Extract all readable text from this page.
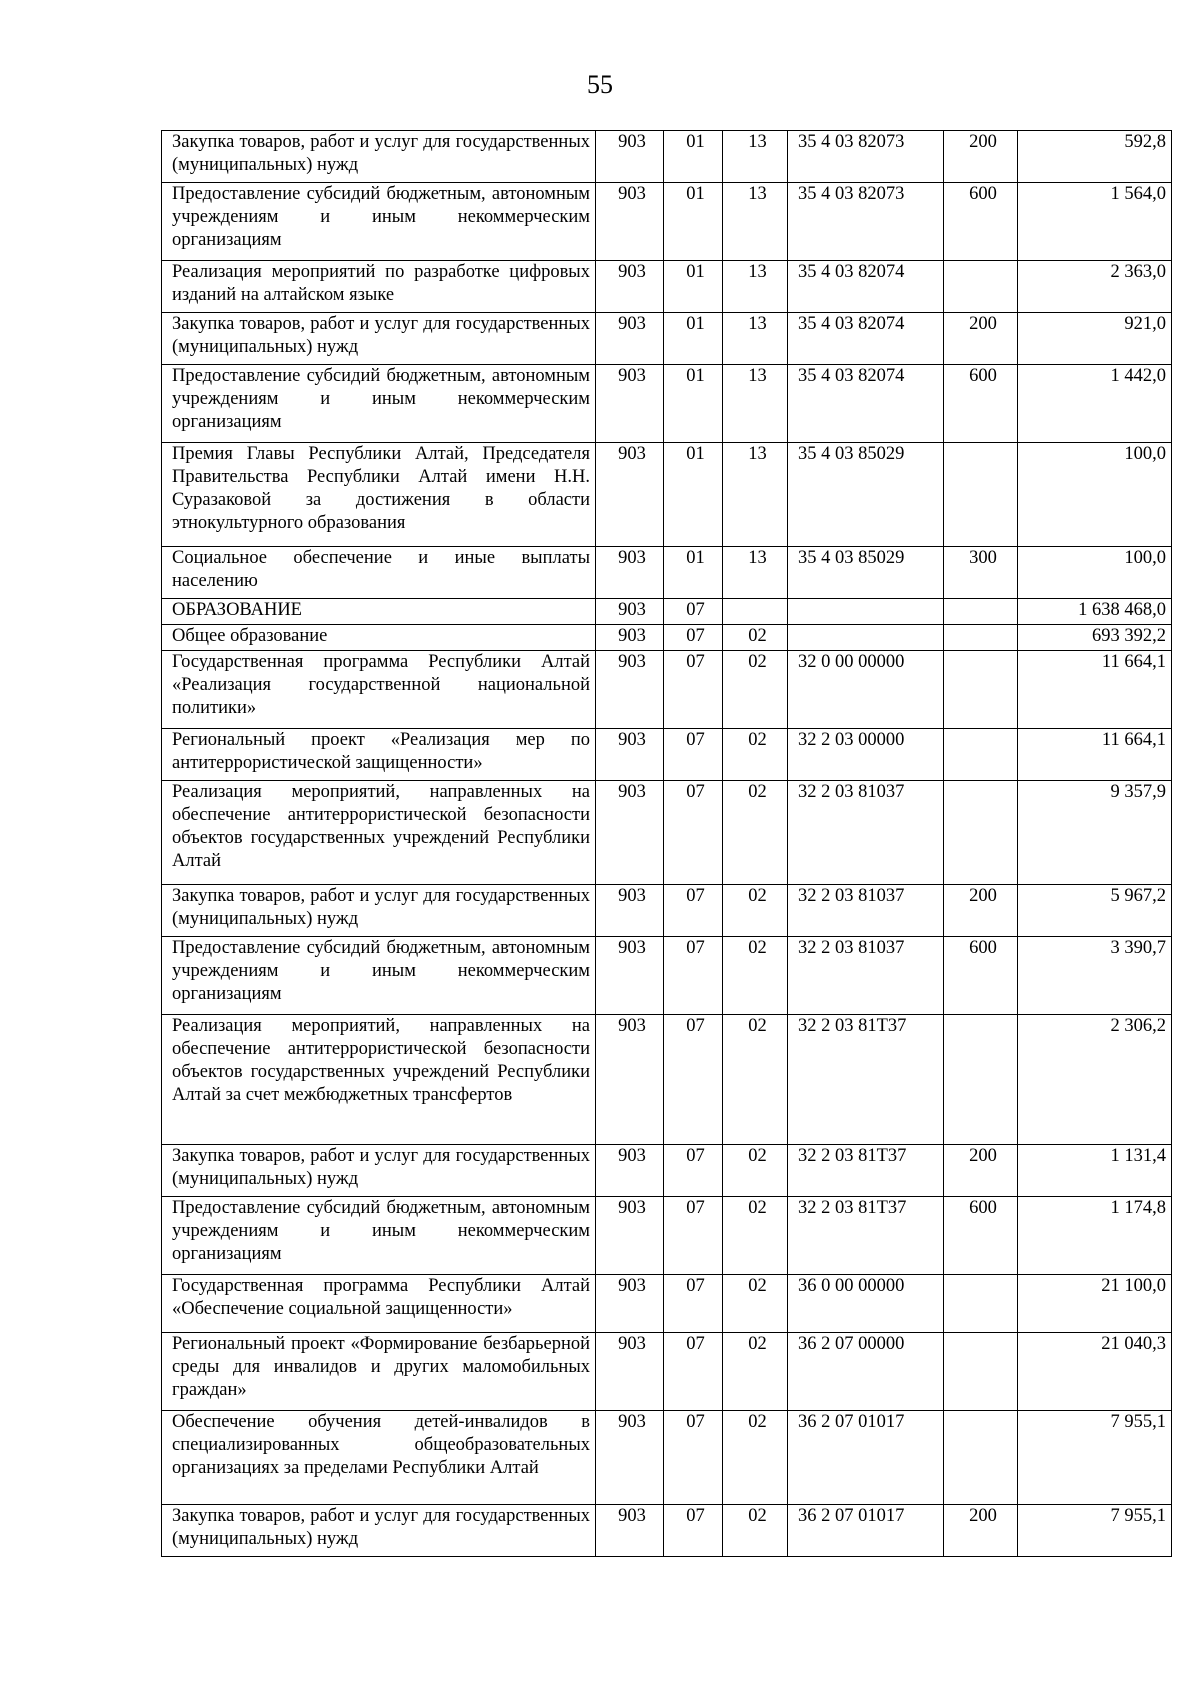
55
Закупка товаров, работ и услуг для государственных (муниципальных) нужд	903	01	13	35 4 03 82073	200	592,8
Предоставление субсидий бюджетным, автономным учреждениям и иным некоммерческим организациям	903	01	13	35 4 03 82073	600	1 564,0
Реализация мероприятий по разработке цифровых изданий на алтайском языке	903	01	13	35 4 03 82074		2 363,0
Закупка товаров, работ и услуг для государственных (муниципальных) нужд	903	01	13	35 4 03 82074	200	921,0
Предоставление субсидий бюджетным, автономным учреждениям и иным некоммерческим организациям	903	01	13	35 4 03 82074	600	1 442,0
Премия Главы Республики Алтай, Председателя Правительства Республики Алтай имени Н.Н. Суразаковой за достижения в области этнокультурного образования	903	01	13	35 4 03 85029		100,0
Социальное обеспечение и иные выплаты населению	903	01	13	35 4 03 85029	300	100,0
ОБРАЗОВАНИЕ	903	07				1 638 468,0
Общее образование	903	07	02			693 392,2
Государственная программа Республики Алтай «Реализация государственной национальной политики»	903	07	02	32 0 00 00000		11 664,1
Региональный проект «Реализация мер по антитеррористической защищенности»	903	07	02	32 2 03 00000		11 664,1
Реализация мероприятий, направленных на обеспечение антитеррористической безопасности объектов государственных учреждений Республики Алтай	903	07	02	32 2 03 81037		9 357,9
Закупка товаров, работ и услуг для государственных (муниципальных) нужд	903	07	02	32 2 03 81037	200	5 967,2
Предоставление субсидий бюджетным, автономным учреждениям и иным некоммерческим организациям	903	07	02	32 2 03 81037	600	3 390,7
Реализация мероприятий, направленных на обеспечение антитеррористической безопасности объектов государственных учреждений Республики Алтай за счет межбюджетных трансфертов	903	07	02	32 2 03 81Т37		2 306,2
Закупка товаров, работ и услуг для государственных (муниципальных) нужд	903	07	02	32 2 03 81Т37	200	1 131,4
Предоставление субсидий бюджетным, автономным учреждениям и иным некоммерческим организациям	903	07	02	32 2 03 81Т37	600	1 174,8
Государственная программа Республики Алтай «Обеспечение социальной защищенности»	903	07	02	36 0 00 00000		21 100,0
Региональный проект «Формирование безбарьерной среды для инвалидов и других маломобильных граждан»	903	07	02	36 2 07 00000		21 040,3
Обеспечение обучения детей-инвалидов в специализированных общеобразовательных организациях за пределами Республики Алтай	903	07	02	36 2 07 01017		7 955,1
Закупка товаров, работ и услуг для государственных (муниципальных) нужд	903	07	02	36 2 07 01017	200	7 955,1
